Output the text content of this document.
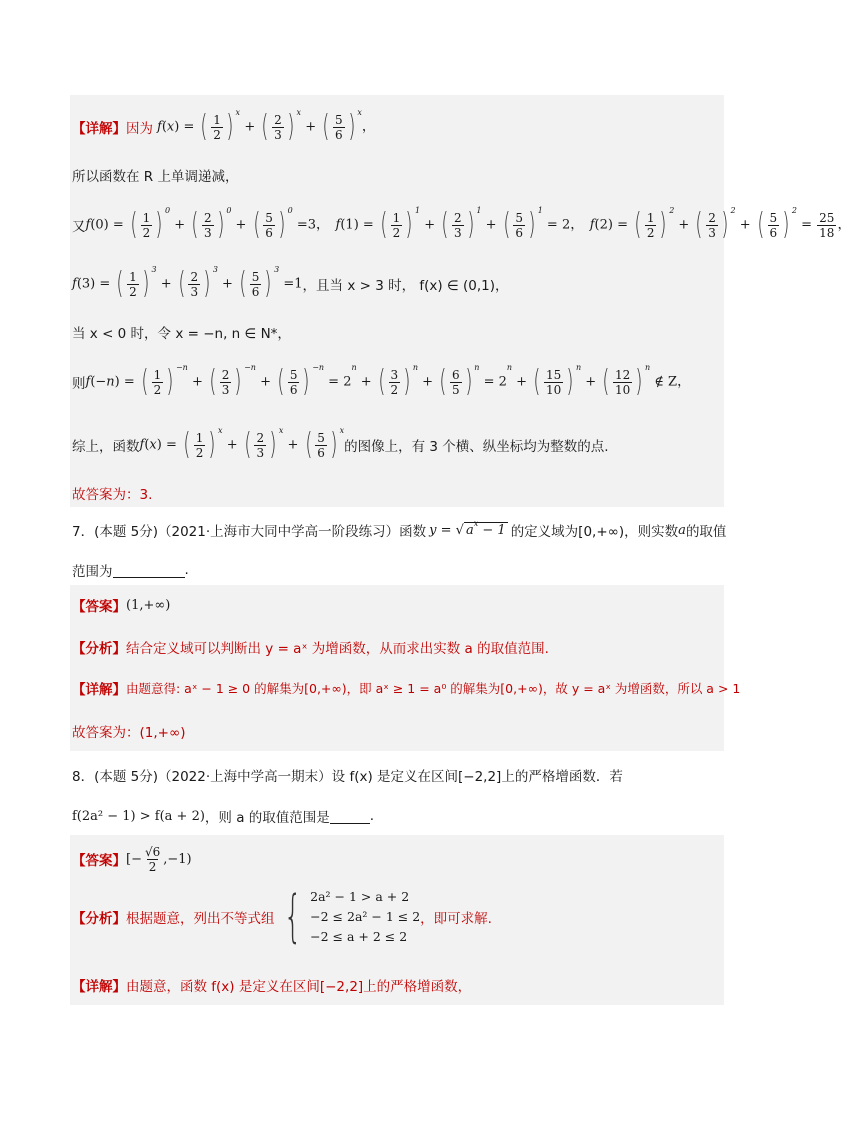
【详解】 因为 f(x) = ( $\frac{1}{2}$ ) $^x$ + ( $\frac{2}{3}$ ) $^x$ + ( $\frac{5}{6}$ ) $^x$，
所以函数在 R 上单调递减，
又 f(0) = ( $\frac{1}{2}$ ) $^0$ + ( $\frac{2}{3}$ ) $^0$ + ( $\frac{5}{6}$ ) $^0$ =3， f(1) = ( $\frac{1}{2}$ ) $^1$ + ( $\frac{2}{3}$ ) $^1$ + ( $\frac{5}{6}$ ) $^1$ = 2， f(2) = ( $\frac{1}{2}$ ) $^2$ + ( $\frac{2}{3}$ ) $^2$ + ( $\frac{5}{6}$ ) $^2 = \frac{25}{18}$ ，
f(3) = ( $\frac{1}{2}$ ) $^3$ + ( $\frac{2}{3}$ ) $^3$ + ( $\frac{5}{6}$ ) $^3$ =1 ，且当 x > 3 时， f(x) ∈ (0,1)，
当 x < 0 时，令 x = −n, n ∈ N*，
则 f(−n) = ( $\frac{1}{2}$ ) $^{-n}$ + ( $\frac{2}{3}$ ) $^{-n}$ + ( $\frac{5}{6}$ ) $^{-n} = 2^n$ + ( $\frac{3}{2}$ ) $^n$ + ( $\frac{6}{5}$ ) $^n = 2^n$ + ( $\frac{15}{10}$ ) $^n$ + ( $\frac{12}{10}$ ) $^n$ ∉ Z，
综上，函数 f(x) = ( $\frac{1}{2}$ ) $^x$ + ( $\frac{2}{3}$ ) $^x$ + ( $\frac{5}{6}$ ) $^x$
的图像上，有 3 个横、纵坐标均为整数的点.
故答案为：3.
7．(本题 5分)（2021·上海市大同中学高一阶段练习）函数 y = √ $a^x - 1$ 的定义域为[0,+∞)，则实数 a 的取值
范围为	.
【答案】 (1,+∞)
【分析】 结合定义域可以判断出 y = aˣ 为增函数，从而求出实数 a 的取值范围.
【详解】 由题意得: aˣ − 1 ≥ 0 的解集为[0,+∞)，即 aˣ ≥ 1 = a⁰ 的解集为[0,+∞)，故 y = aˣ 为增函数，所以 a > 1
故答案为：(1,+∞)
8．(本题 5分)（2022·上海中学高一期末）设 f(x) 是定义在区间[−2,2]上的严格增函数．若
f(2a² − 1) > f(a + 2) ，则 a 的取值范围是	.
【答案】 [− $\frac{√6}{2} ,-1$)
【分析】 根据题意，列出不等式组 { 2a² − 1 > a + 2
−2 ≤ 2a² − 1 ≤ 2
−2 ≤ a + 2 ≤ 2
，即可求解.
【详解】 由题意，函数 f(x) 是定义在区间[−2,2]上的严格增函数，
